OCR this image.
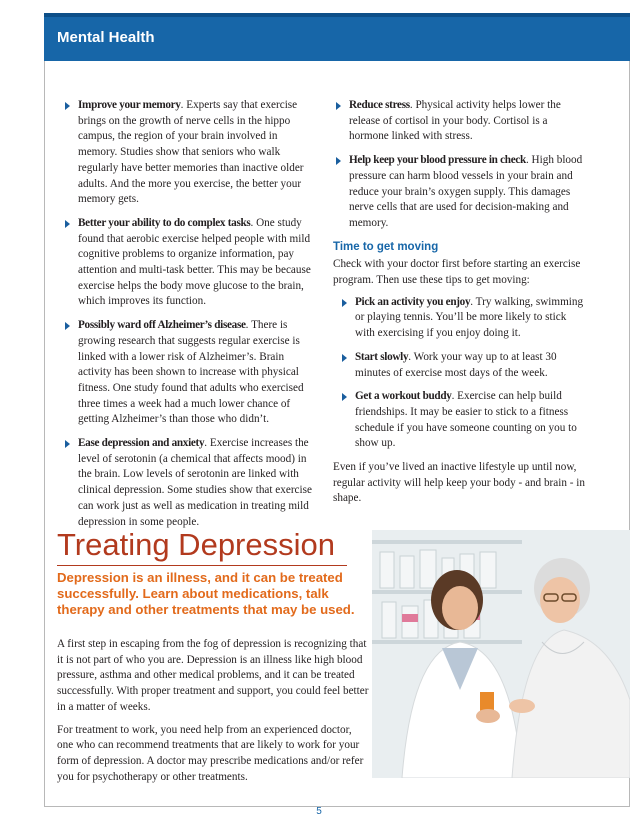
Mental Health
Improve your memory. Experts say that exercise brings on the growth of nerve cells in the hippo campus, the region of your brain involved in memory. Studies show that seniors who walk regularly have better memories than inactive older adults. And the more you exercise, the better your memory gets.
Better your ability to do complex tasks. One study found that aerobic exercise helped people with mild cognitive problems to organize information, pay attention and multi-task better. This may be because exercise helps the body move glucose to the brain, which improves its function.
Possibly ward off Alzheimer’s disease. There is growing research that suggests regular exercise is linked with a lower risk of Alzheimer’s. Brain activity has been shown to increase with physical fitness. One study found that adults who exercised three times a week had a much lower chance of getting Alzheimer’s than those who didn’t.
Ease depression and anxiety. Exercise increases the level of serotonin (a chemical that affects mood) in the brain. Low levels of serotonin are linked with clinical depression. Some studies show that exercise can work just as well as medication in treating mild depression in some people.
Reduce stress. Physical activity helps lower the release of cortisol in your body. Cortisol is a hormone linked with stress.
Help keep your blood pressure in check. High blood pressure can harm blood vessels in your brain and reduce your brain’s oxygen supply. This damages nerve cells that are used for decision-making and memory.
Time to get moving

Check with your doctor first before starting an exercise program. Then use these tips to get moving:

Pick an activity you enjoy. Try walking, swimming or playing tennis. You’ll be more likely to stick with exercising if you enjoy doing it.
Start slowly. Work your way up to at least 30 minutes of exercise most days of the week.
Get a workout buddy. Exercise can help build friendships. It may be easier to stick to a fitness schedule if you have someone counting on you to show up.

Even if you’ve lived an inactive lifestyle up until now, regular activity will help keep your body - and brain - in shape.

Treating Depression
Depression is an illness, and it can be treated successfully. Learn about medications, talk therapy and other treatments that may be used.

A first step in escaping from the fog of depression is recognizing that it is not part of who you are. Depression is an illness like high blood pressure, asthma and other medical problems, and it can be treated successfully. With proper treatment and support, you could feel better in a matter of weeks.

For treatment to work, you need help from an experienced doctor, one who can recommend treatments that are likely to work for your form of depression. A doctor may prescribe medications and/or refer you for psychotherapy or other treatments.

5
